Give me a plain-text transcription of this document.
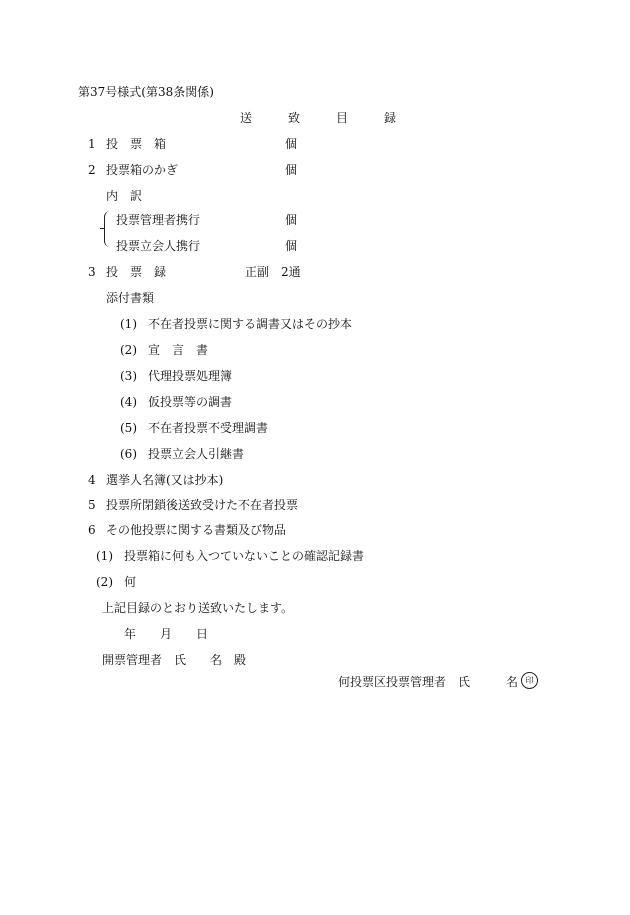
第37号様式(第38条関係)
送　　　致　　　目　　　録
1 投　票　箱	個
2 投票箱のかぎ	個
内　訳
投票管理者携行	個
投票立会人携行	個
3 投　票　録	正副　2通
添付書類
(1) 不在者投票に関する調書又はその抄本
(2) 宣　言　書
(3) 代理投票処理簿
(4) 仮投票等の調書
(5) 不在者投票不受理調書
(6) 投票立会人引継書
4 選挙人名簿(又は抄本)
5 投票所閉鎖後送致受けた不在者投票
6 その他投票に関する書類及び物品
(1) 投票箱に何も入つていないことの確認記録書
(2) 何
上記目録のとおり送致いたします。
年　　月　　日
開票管理者　氏　　名　殿
何投票区投票管理者　氏　　　名 印
